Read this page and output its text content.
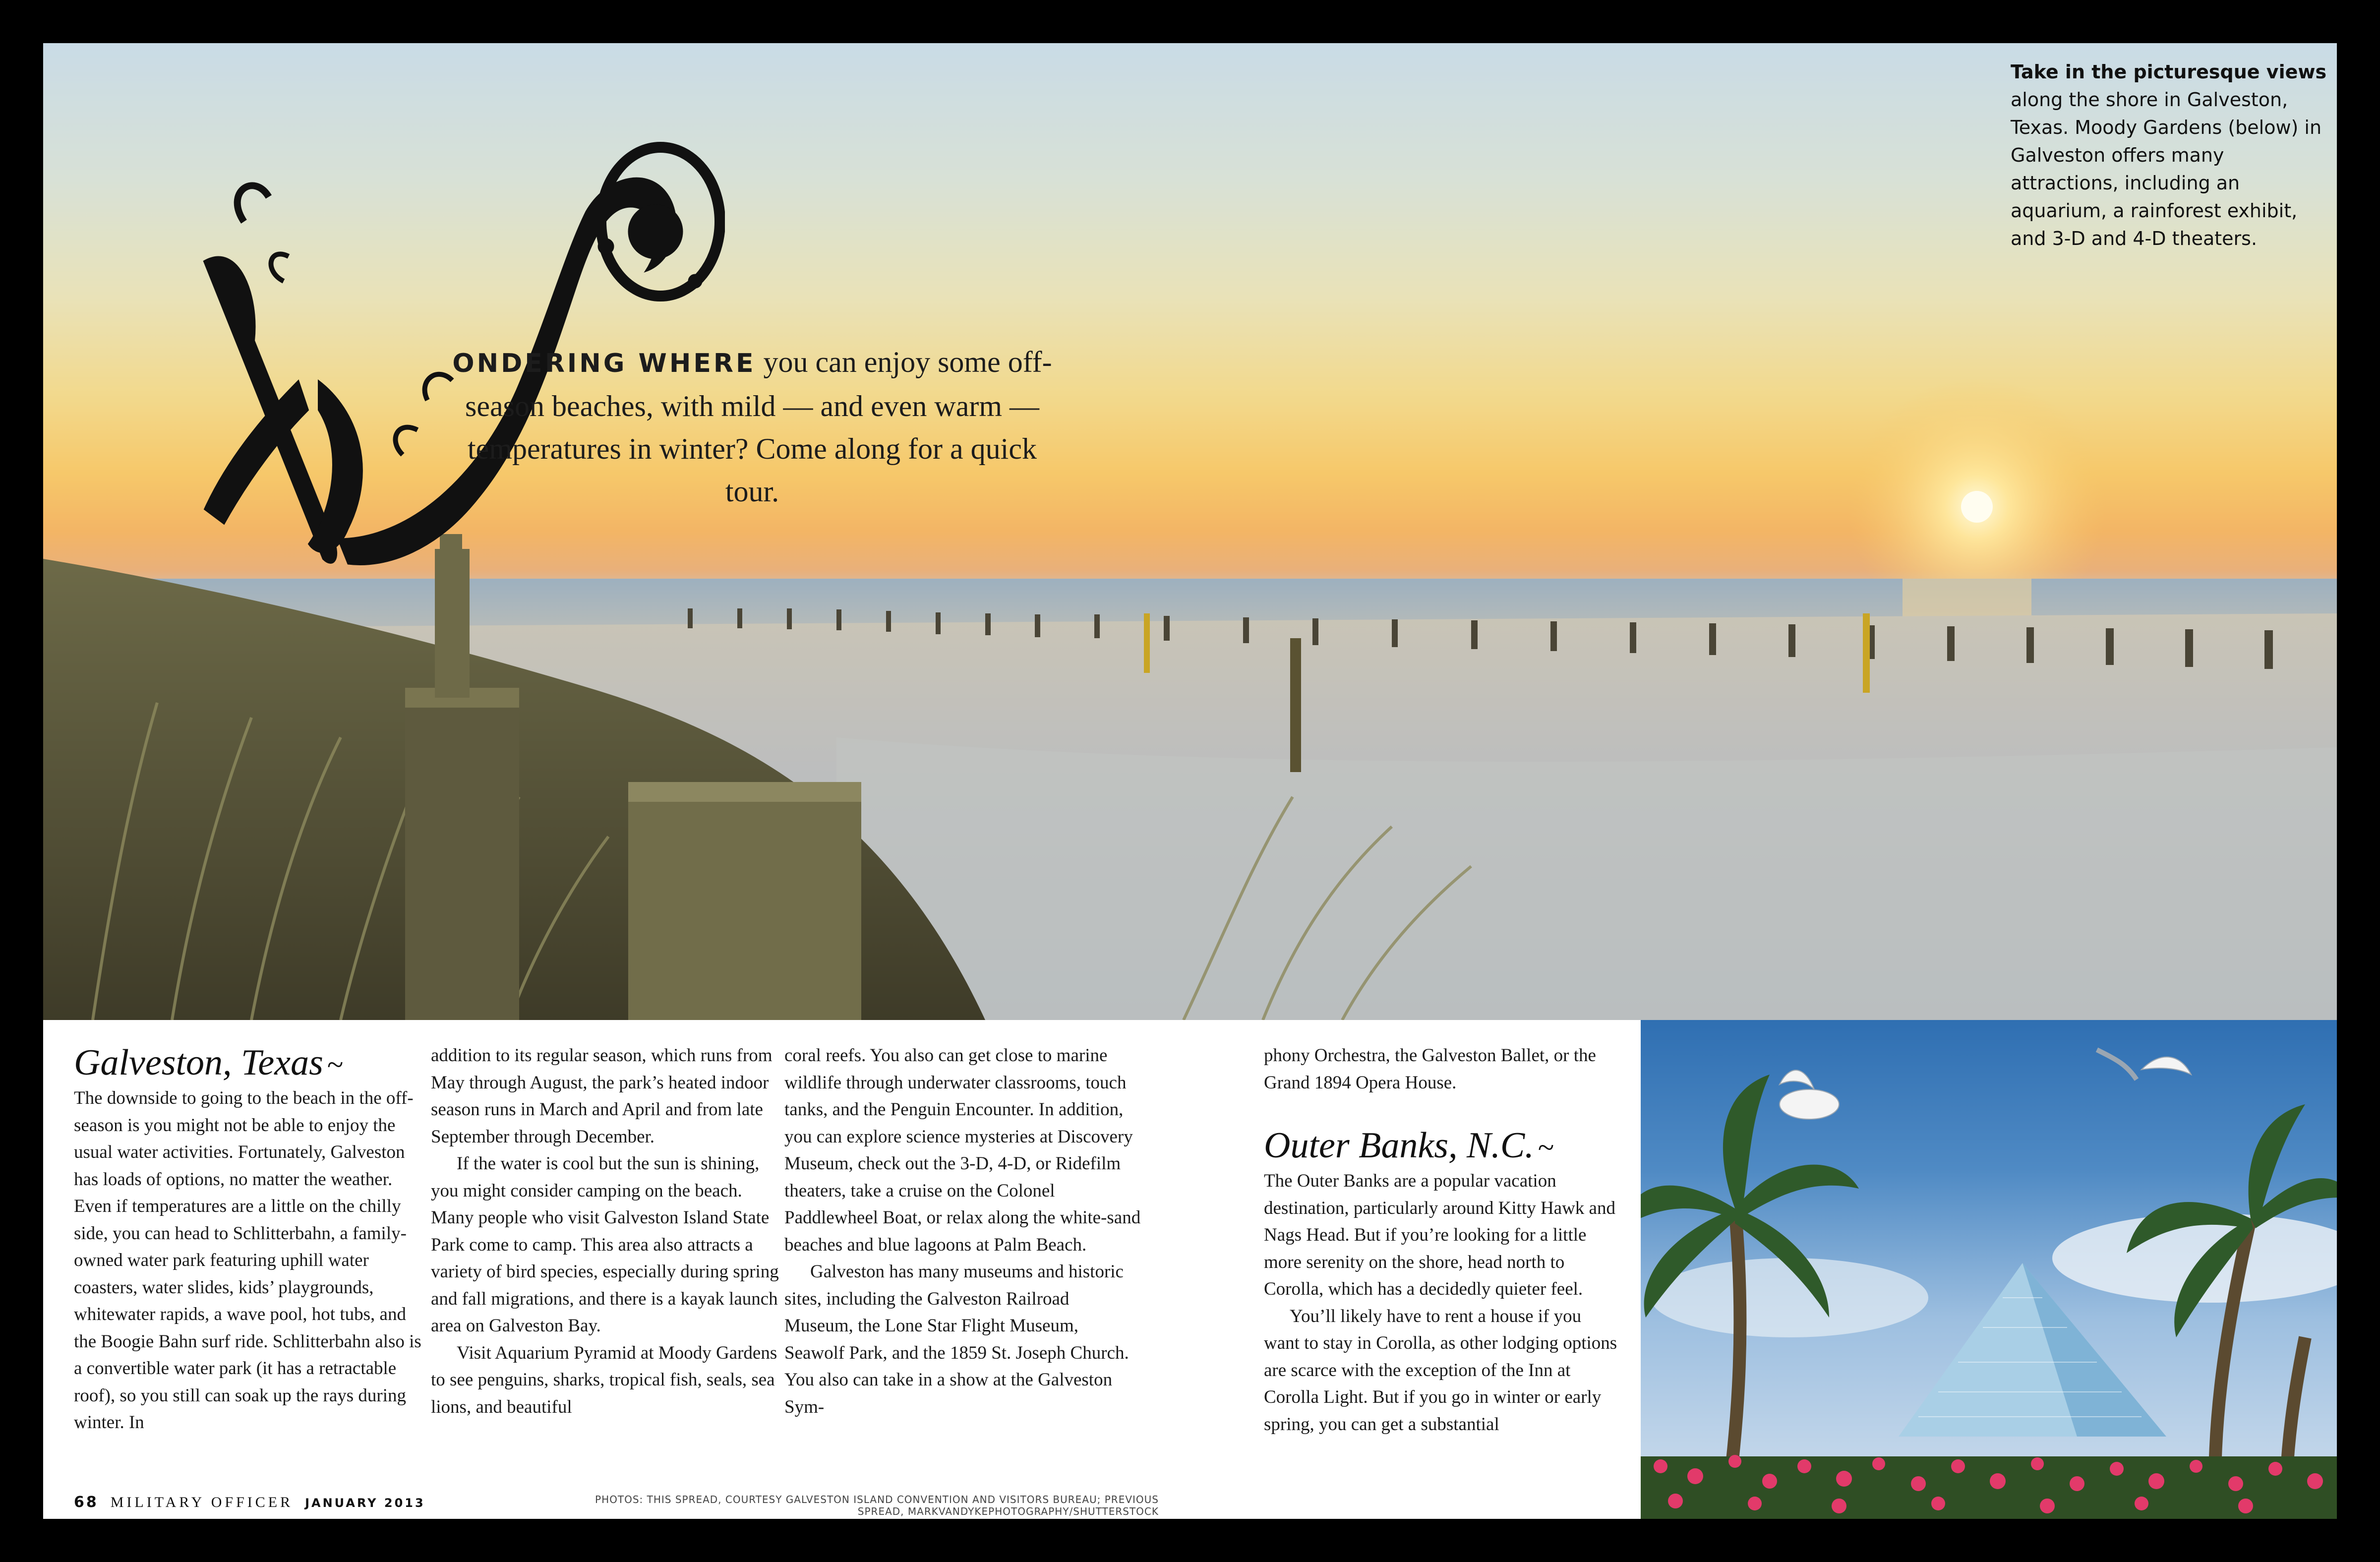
ONDERING WHERE you can enjoy some off-season beaches, with mild — and even warm — temperatures in winter? Come along for a quick tour.
Take in the picturesque views along the shore in Galveston, Texas. Moody Gardens (below) in Galveston offers many attractions, including an aquarium, a rainforest exhibit, and 3-D and 4-D theaters.
Galveston, Texas ~

The downside to going to the beach in the off-season is you might not be able to enjoy the usual water activities. Fortunately, Galveston has loads of options, no matter the weather. Even if temperatures are a little on the chilly side, you can head to Schlitterbahn, a family-owned water park featuring uphill water coasters, water slides, kids’ playgrounds, whitewater rapids, a wave pool, hot tubs, and the Boogie Bahn surf ride. Schlitterbahn also is a convertible water park (it has a retractable roof), so you still can soak up the rays during winter. In

addition to its regular season, which runs from May through August, the park’s heated indoor season runs in March and April and from late September through December.

If the water is cool but the sun is shining, you might consider camping on the beach. Many people who visit Galveston Island State Park come to camp. This area also attracts a variety of bird species, especially during spring and fall migrations, and there is a kayak launch area on Galveston Bay.

Visit Aquarium Pyramid at Moody Gardens to see penguins, sharks, tropical fish, seals, sea lions, and beautiful

coral reefs. You also can get close to marine wildlife through underwater classrooms, touch tanks, and the Penguin Encounter. In addition, you can explore science mysteries at Discovery Museum, check out the 3-D, 4-D, or Ridefilm theaters, take a cruise on the Colonel Paddlewheel Boat, or relax along the white-sand beaches and blue lagoons at Palm Beach.

Galveston has many museums and historic sites, including the Galveston Railroad Museum, the Lone Star Flight Museum, Seawolf Park, and the 1859 St. Joseph Church. You also can take in a show at the Galveston Sym-

phony Orchestra, the Galveston Ballet, or the Grand 1894 Opera House.

Outer Banks, N.C. ~

The Outer Banks are a popular vacation destination, particularly around Kitty Hawk and Nags Head. But if you’re looking for a little more serenity on the shore, head north to Corolla, which has a decidedly quieter feel.

You’ll likely have to rent a house if you want to stay in Corolla, as other lodging options are scarce with the exception of the Inn at Corolla Light. But if you go in winter or early spring, you can get a substantial

68 MILITARY OFFICER JANUARY 2013	PHOTOS: THIS SPREAD, COURTESY GALVESTON ISLAND CONVENTION AND VISITORS BUREAU; PREVIOUS SPREAD, MARKVANDYKEPHOTOGRAPHY/SHUTTERSTOCK
